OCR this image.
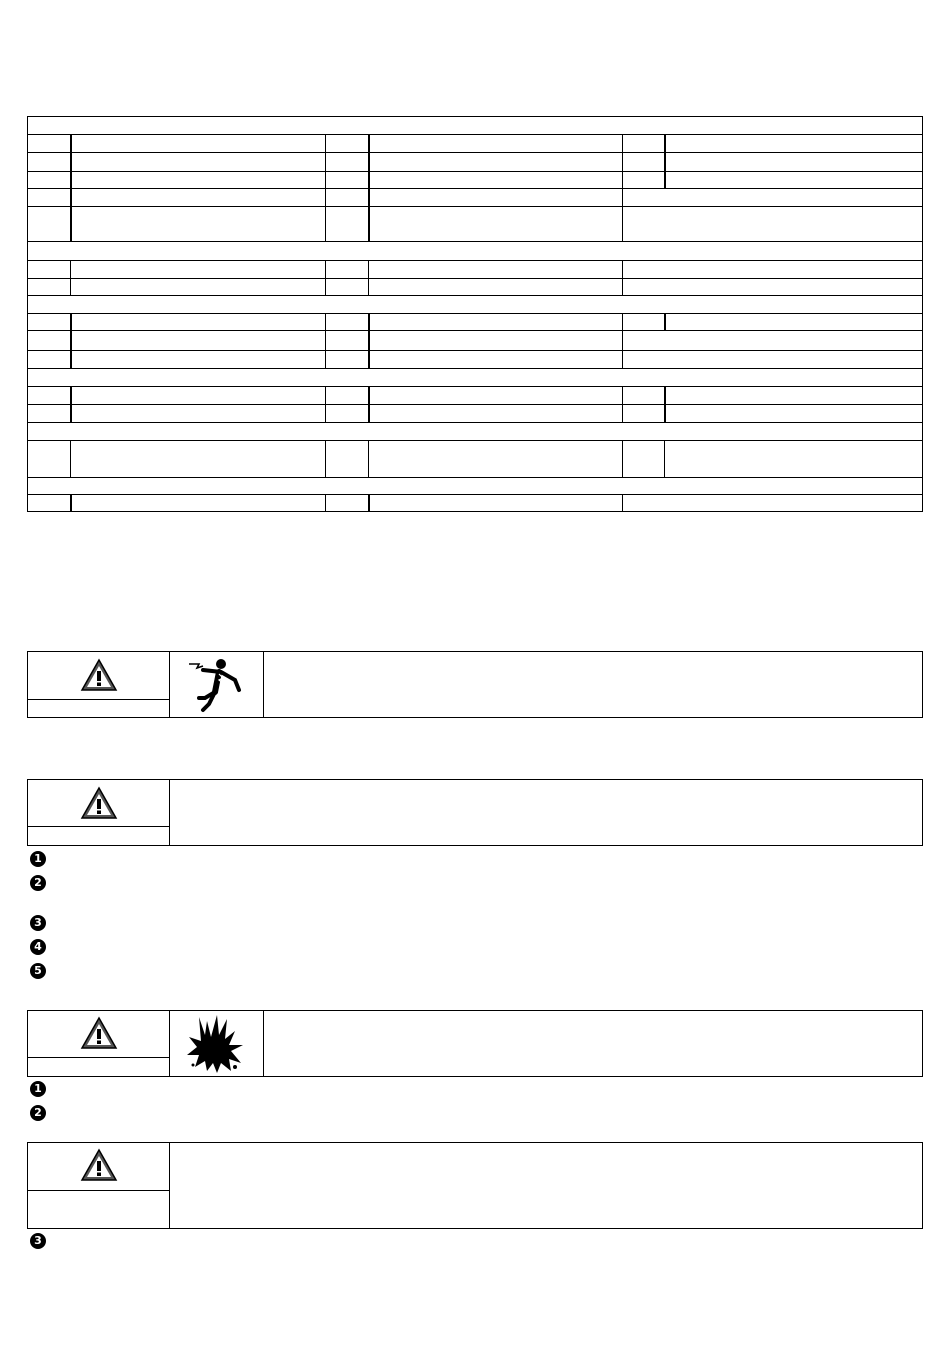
1
2
3
4
5
1
2
3
